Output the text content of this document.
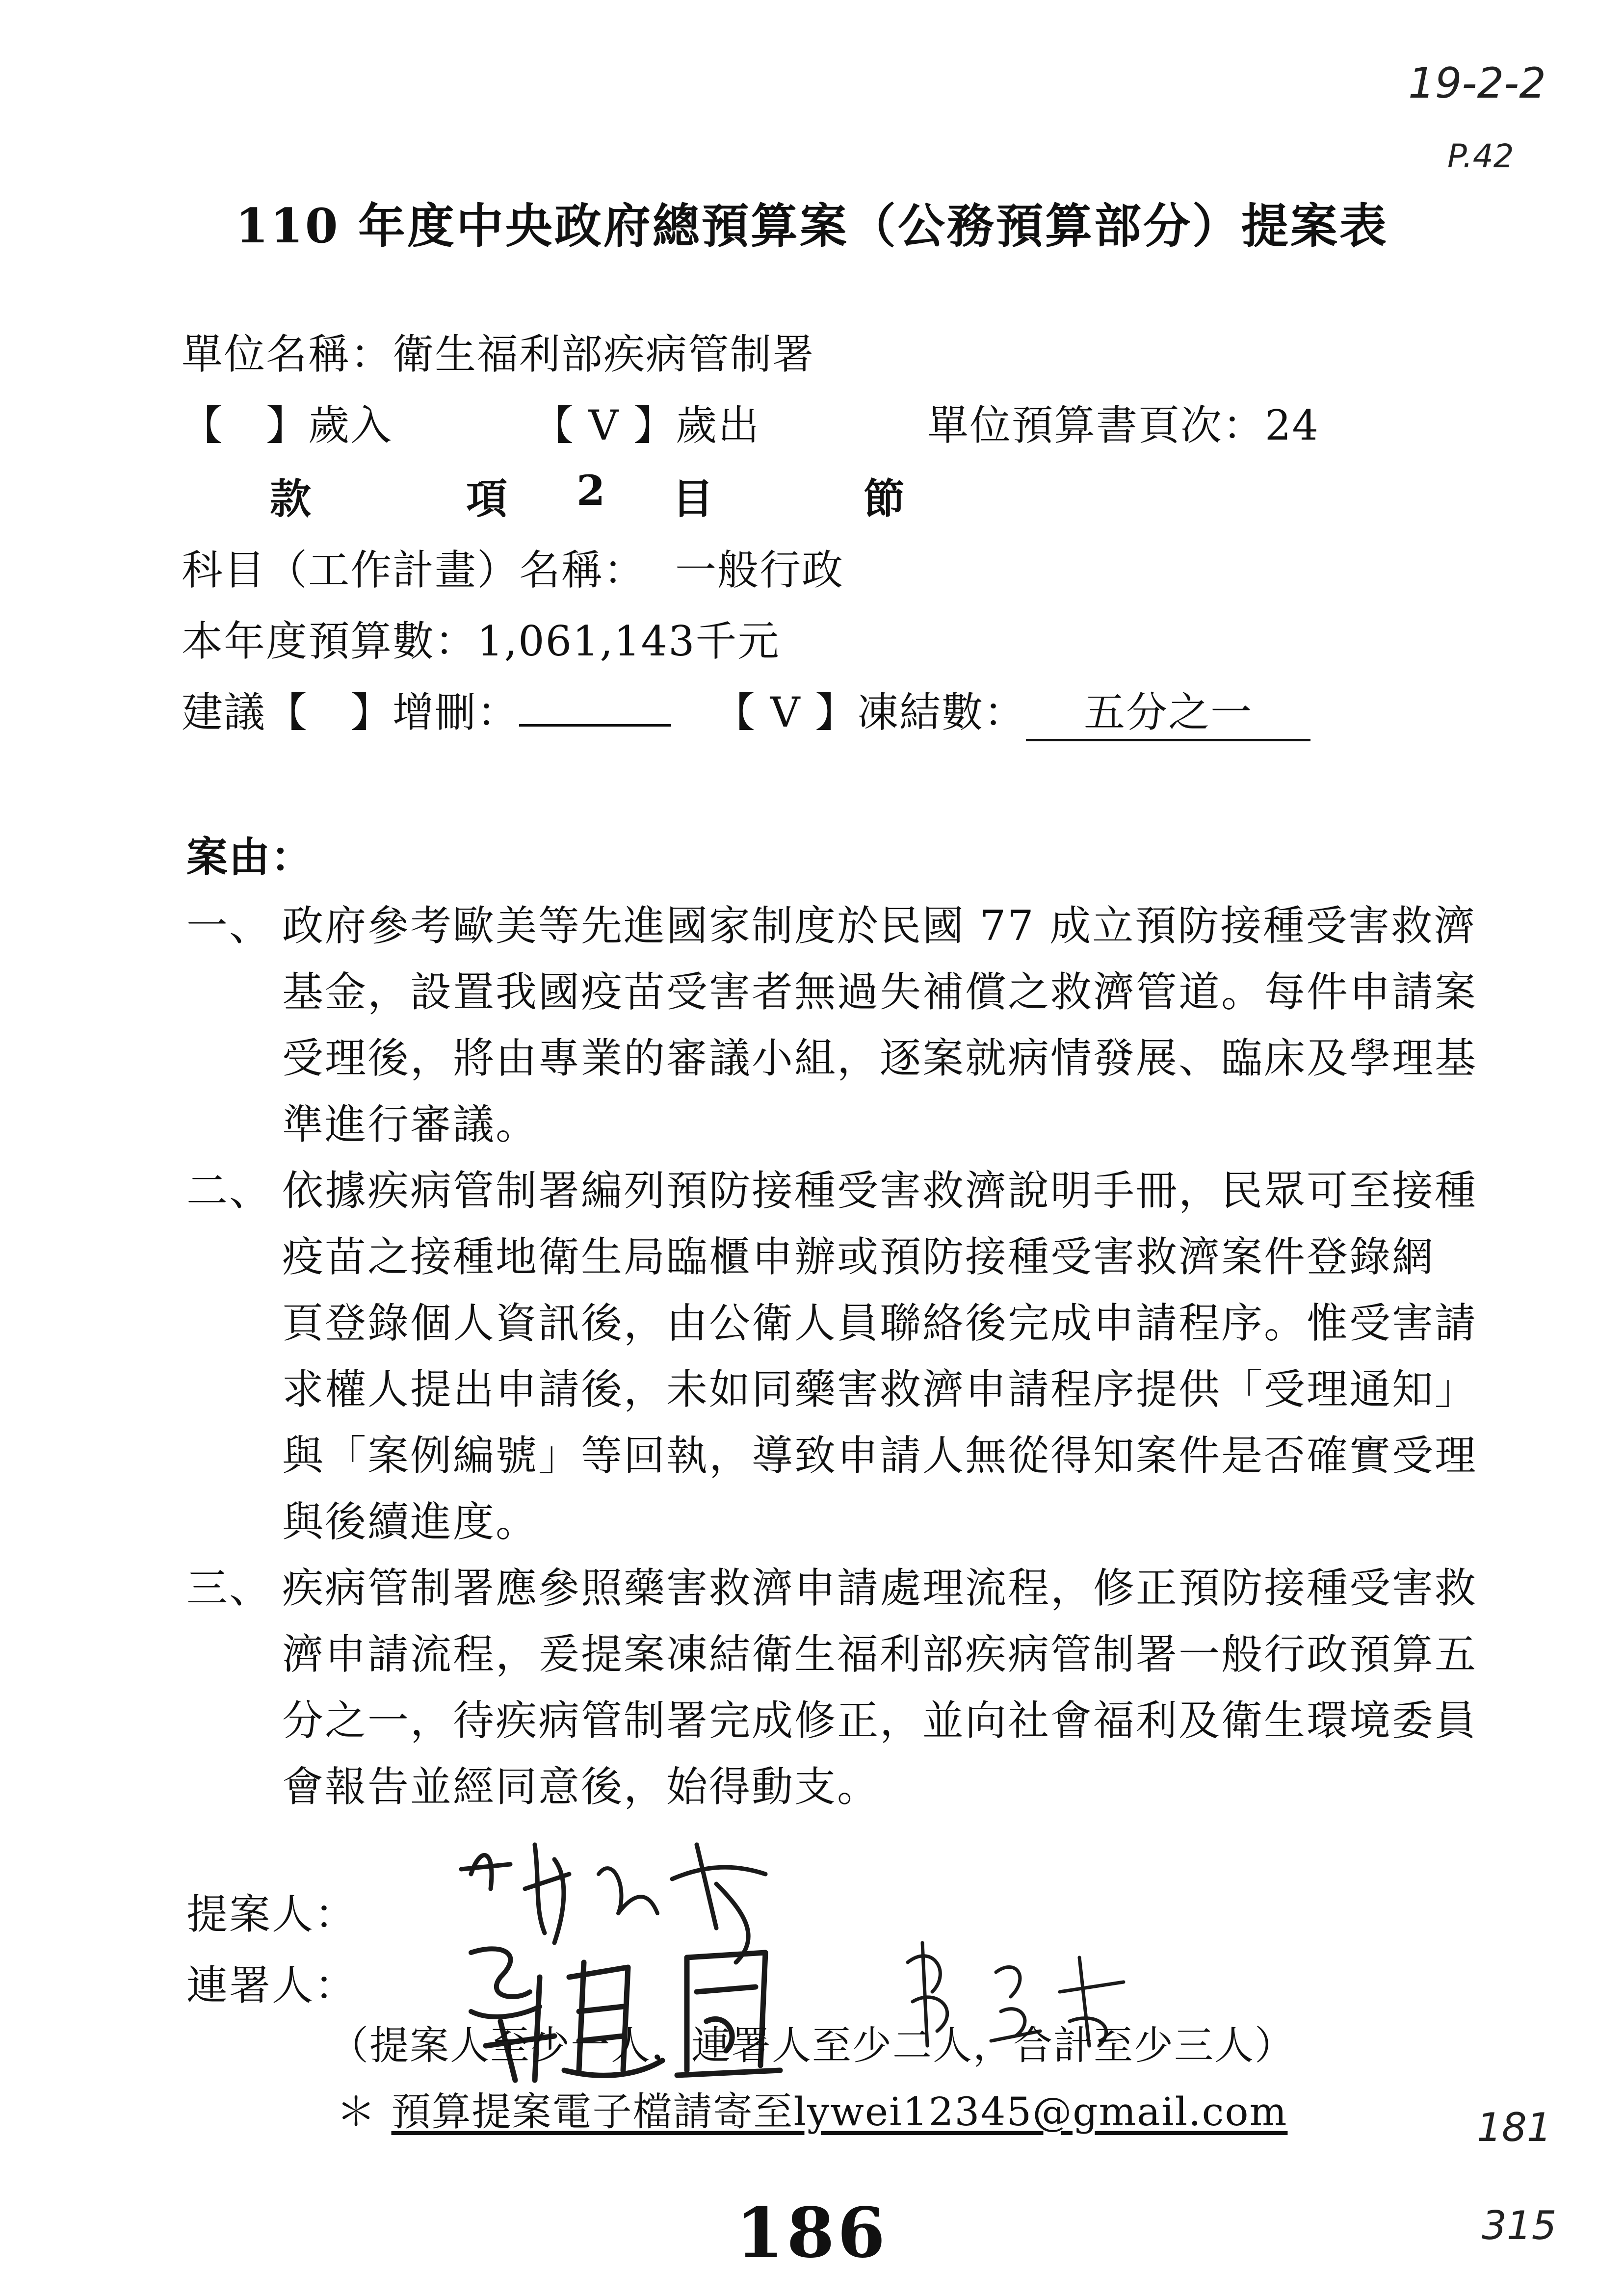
19-2-2
P.42
110 年度中央政府總預算案（公務預算部分）提案表
單位名稱：衛生福利部疾病管制署
【　】歲入	【 V 】歲出	單位預算書頁次：24
款	項 2 目	節
科目（工作計畫）名稱： 一般行政
本年度預算數：1,061,143千元
建議【　】增刪：	【 V 】凍結數： 五分之一
案由：
一、 政府參考歐美等先進國家制度於民國 77 成立預防接種受害救濟
基金，設置我國疫苗受害者無過失補償之救濟管道。每件申請案
受理後，將由專業的審議小組，逐案就病情發展、臨床及學理基
準進行審議。
二、 依據疾病管制署編列預防接種受害救濟說明手冊，民眾可至接種
疫苗之接種地衛生局臨櫃申辦或預防接種受害救濟案件登錄網
頁登錄個人資訊後，由公衛人員聯絡後完成申請程序。惟受害請
求權人提出申請後，未如同藥害救濟申請程序提供「受理通知」
與「案例編號」等回執，導致申請人無從得知案件是否確實受理
與後續進度。
三、 疾病管制署應參照藥害救濟申請處理流程，修正預防接種受害救
濟申請流程，爰提案凍結衛生福利部疾病管制署一般行政預算五
分之一，待疾病管制署完成修正，並向社會福利及衛生環境委員
會報告並經同意後，始得動支。
提案人：
連署人：
（提案人至少一人，連署人至少二人，合計至少三人）
＊ 預算提案電子檔請寄至lywei12345@gmail.com	181
315
186
